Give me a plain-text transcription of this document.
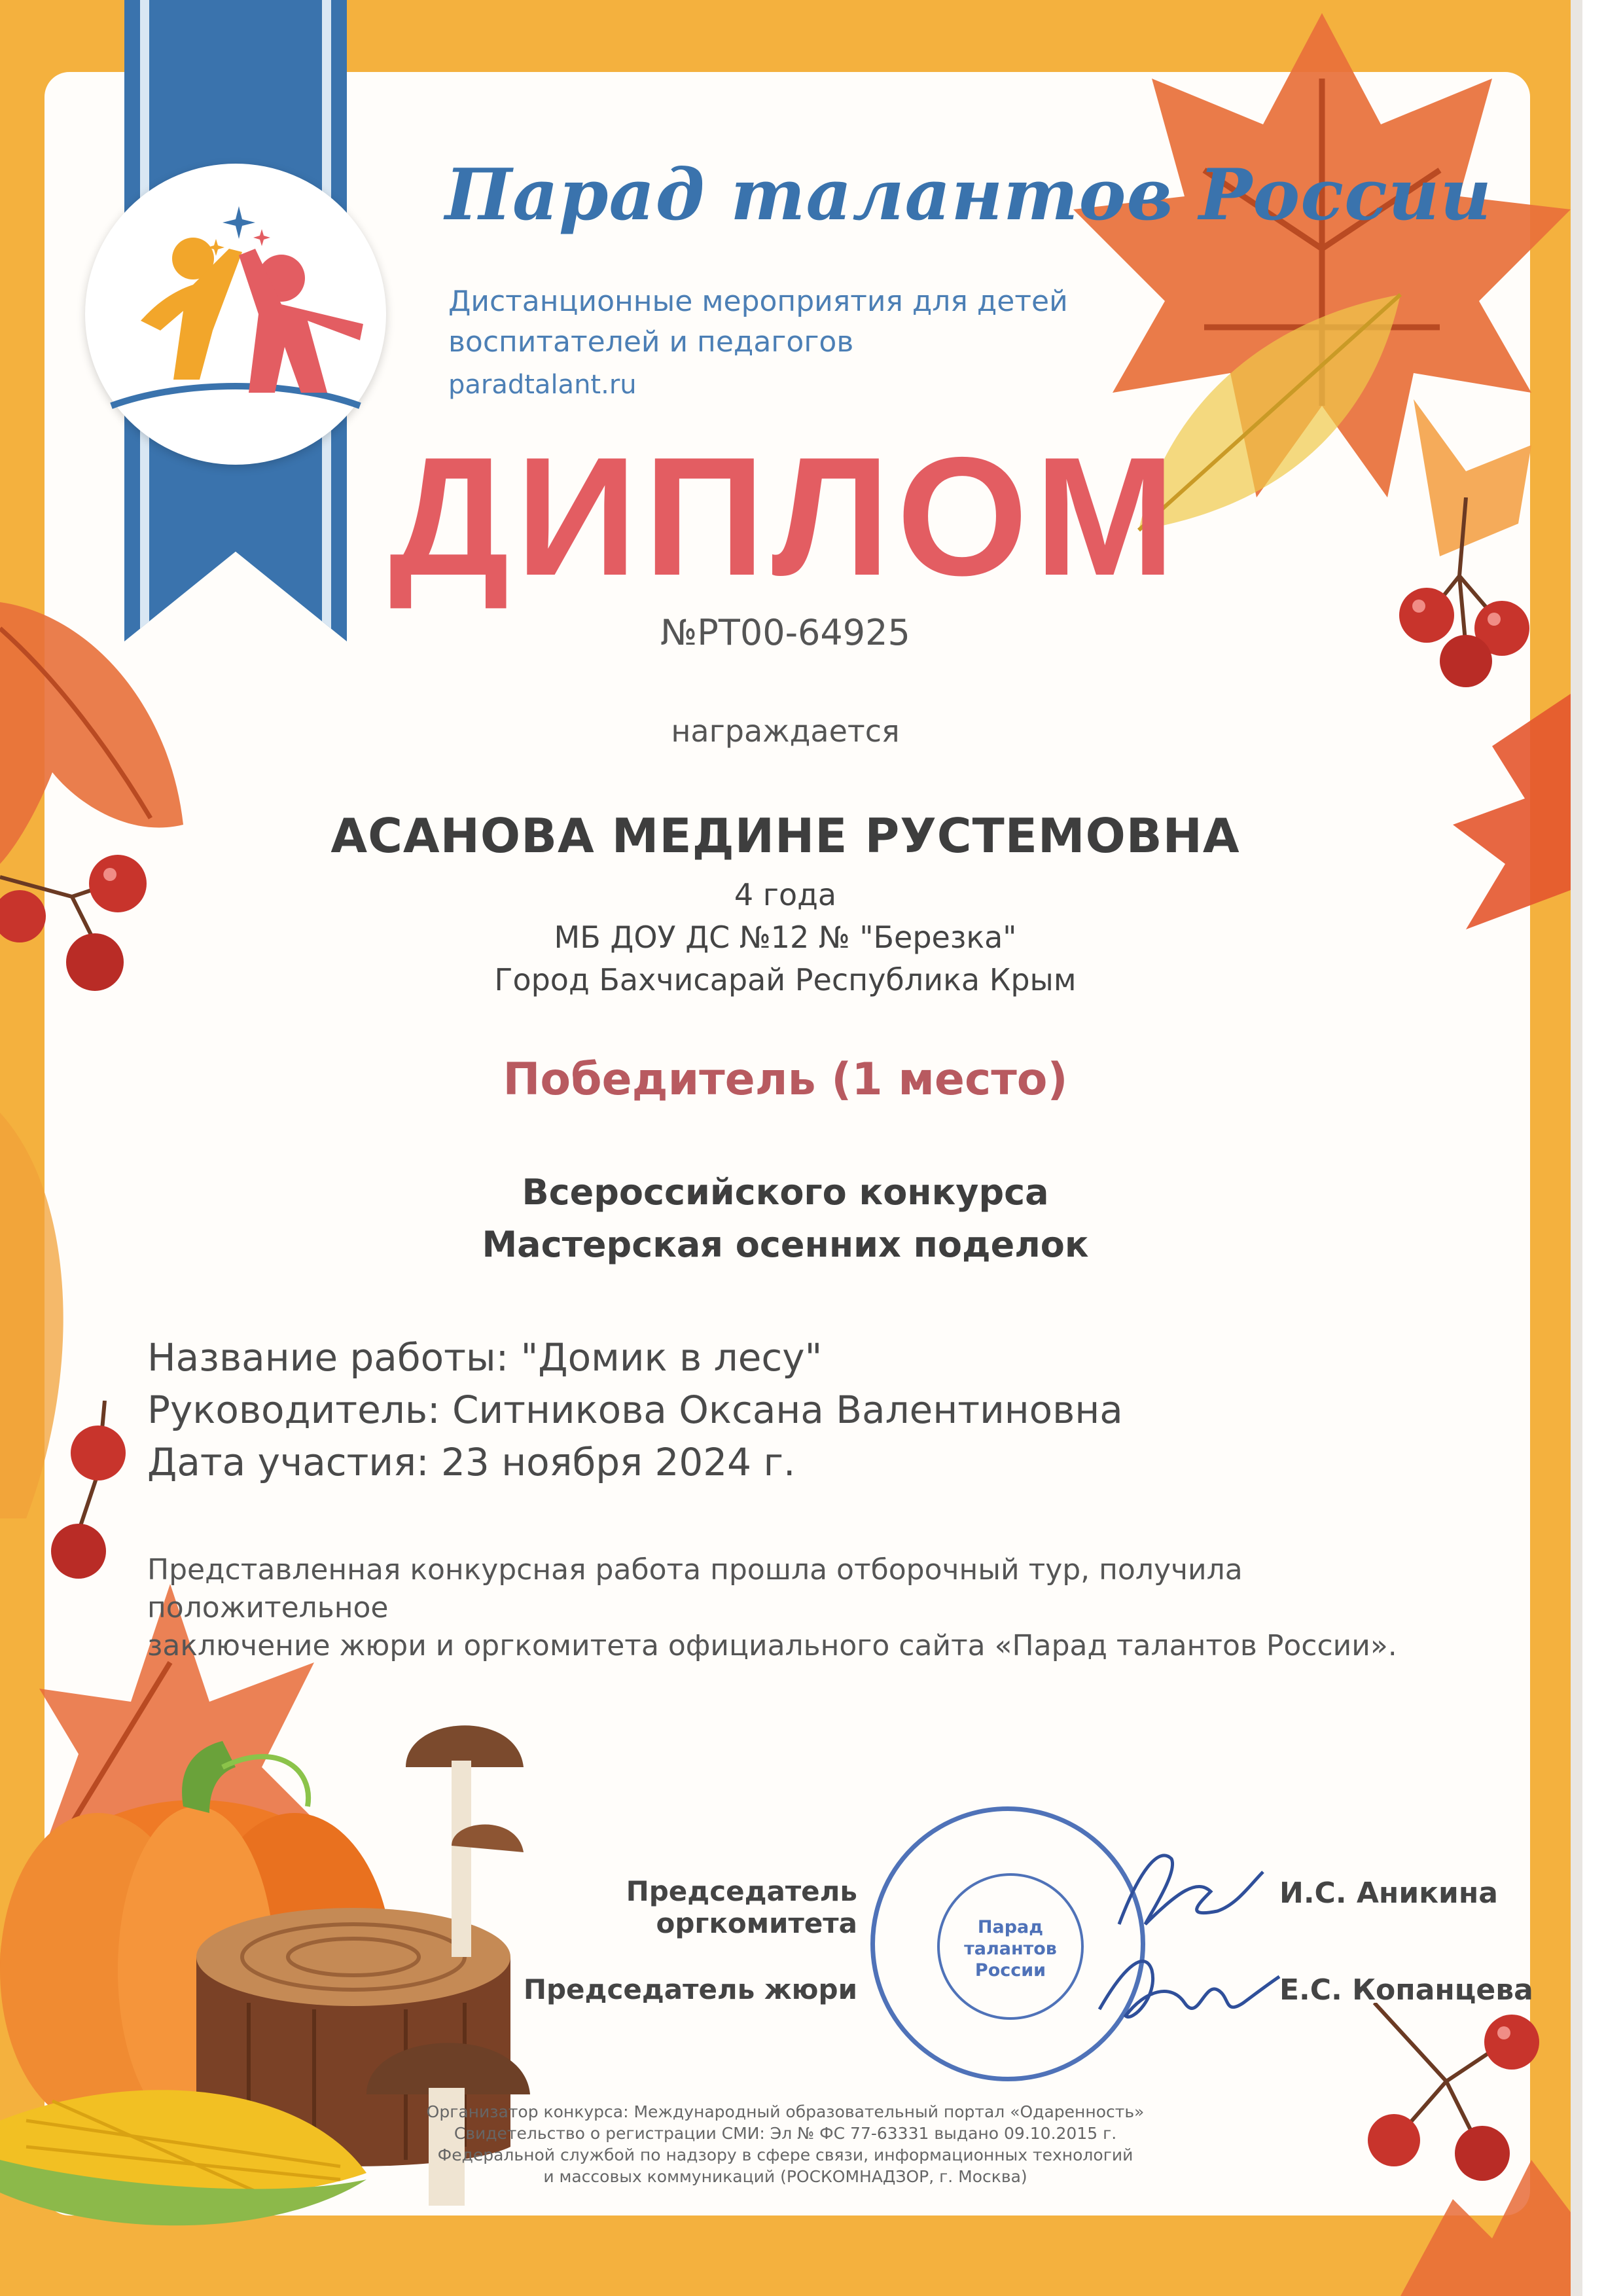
Парад талантов России
Дистанционные мероприятия для детей
воспитателей и педагогов
paradtalant.ru
ДИПЛОМ
№РТ00-64925
награждается
АСАНОВА МЕДИНЕ РУСТЕМОВНА
4 года
МБ ДОУ ДС №12 № "Березка"
Город Бахчисарай Республика Крым
Победитель (1 место)
Всероссийского конкурса
Мастерская осенних поделок
Название работы: "Домик в лесу"
Руководитель: Ситникова Оксана Валентиновна
Дата участия: 23 ноября 2024 г.
Представленная конкурсная работа прошла отборочный тур, получила положительное
заключение жюри и оргкомитета официального сайта «Парад талантов России».
Председатель
оргкомитета
Председатель жюри
И.С. Аникина
Е.С. Копанцева
Парад
талантов
России
Организатор конкурса: Международный образовательный портал «Одаренность»
Свидетельство о регистрации СМИ: Эл № ФС 77-63331 выдано 09.10.2015 г.
Федеральной службой по надзору в сфере связи, информационных технологий
и массовых коммуникаций (РОСКОМНАДЗОР, г. Москва)
